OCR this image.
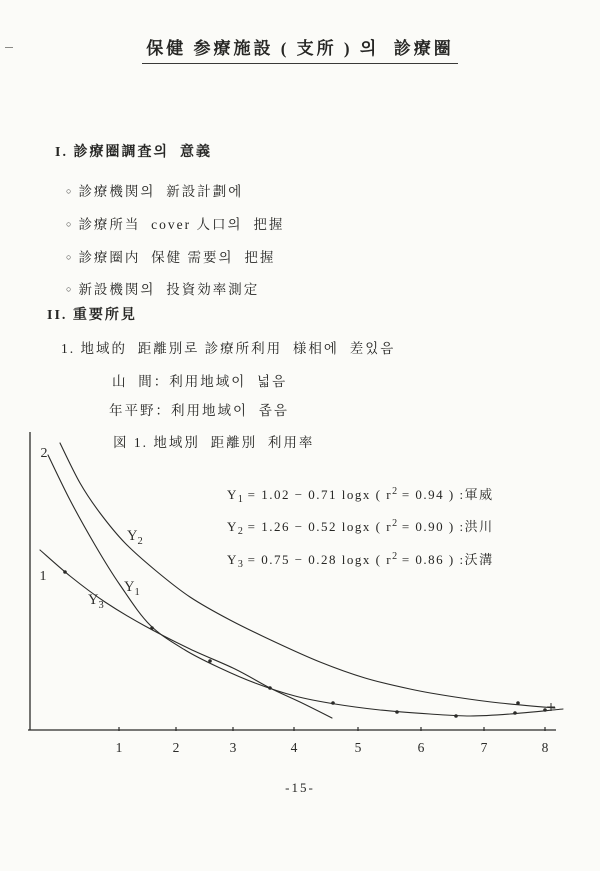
保健 参療施設 ( 支所 ) 의  診療圈
I. 診療圈調査의  意義
○ 診療機関의  新設計劃에
○ 診療所当  cover 人口의  把握
○ 診療圈内  保健 需要의  把握
○ 新設機関의  投資効率測定
II. 重要所見
1. 地域的  距離別로 診療所利用  様相에  差있음
山  間：利用地域이  넓음
年平野：利用地域이  좁음
図 1. 地域別  距離別  利用率
1	2	3	4	5	6	7	8
2
1
$Y_2$
$Y_1$
$Y_3$
$Y_1 = 1.02 - 0.71$ logx ( $r^2 = 0.94$ ) :軍威
$Y_2 = 1.26 - 0.52$ logx ( $r^2 = 0.90$ ) :洪川
$Y_3 = 0.75 - 0.28$ logx ( $r^2 = 0.86$ ) :沃溝
-15-
